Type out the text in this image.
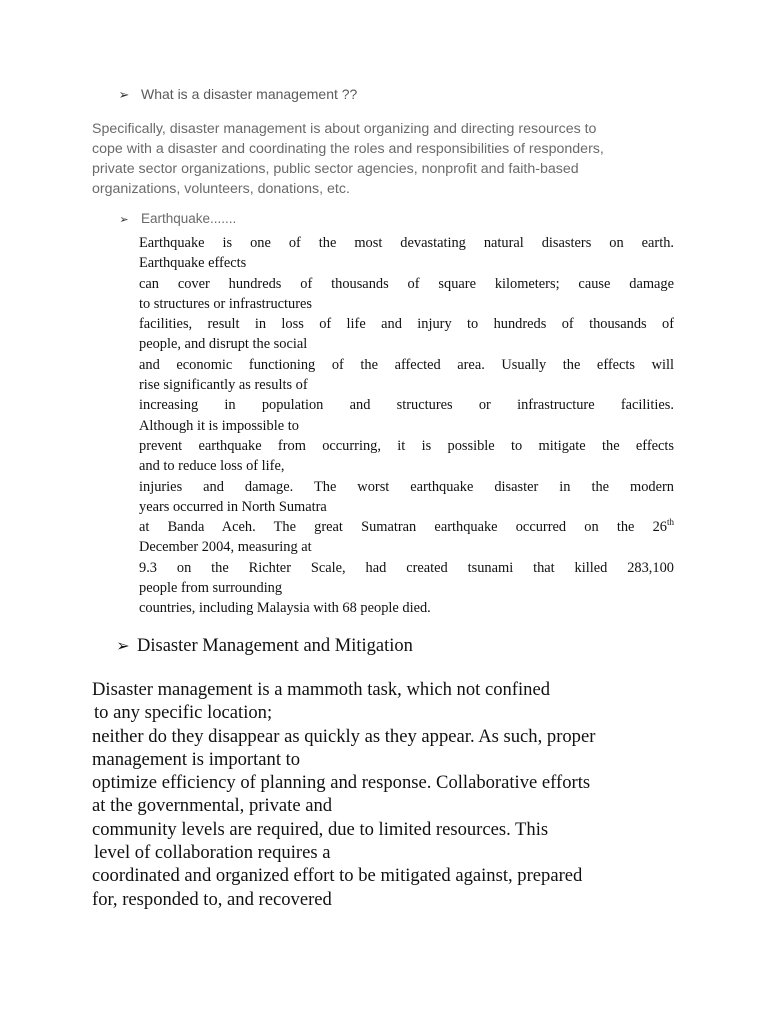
➢ What is a disaster management ??
Specifically, disaster management is about organizing and directing resources to
cope with a disaster and coordinating the roles and responsibilities of responders,
private sector organizations, public sector agencies, nonprofit and faith-based
organizations, volunteers, donations, etc.
➢ Earthquake.......
Earthquake is one of the most devastating natural disasters on earth.
Earthquake effects
can cover hundreds of thousands of square kilometers; cause damage
to structures or infrastructures
facilities, result in loss of life and injury to hundreds of thousands of
people, and disrupt the social
and economic functioning of the affected area. Usually the effects will
rise significantly as results of
increasing in population and structures or infrastructure facilities.
Although it is impossible to
prevent earthquake from occurring, it is possible to mitigate the effects
and to reduce loss of life,
injuries and damage. The worst earthquake disaster in the modern
years occurred in North Sumatra
at Banda Aceh. The great Sumatran earthquake occurred on the 26th
December 2004, measuring at
9.3 on the Richter Scale, had created tsunami that killed 283,100
people from surrounding
countries, including Malaysia with 68 people died.
➢ Disaster Management and Mitigation
Disaster management is a mammoth task, which not confined
to any specific location;
neither do they disappear as quickly as they appear. As such, proper
management is important to
optimize efficiency of planning and response. Collaborative efforts
at the governmental, private and
community levels are required, due to limited resources. This
level of collaboration requires a
coordinated and organized effort to be mitigated against, prepared
for, responded to, and recovered
